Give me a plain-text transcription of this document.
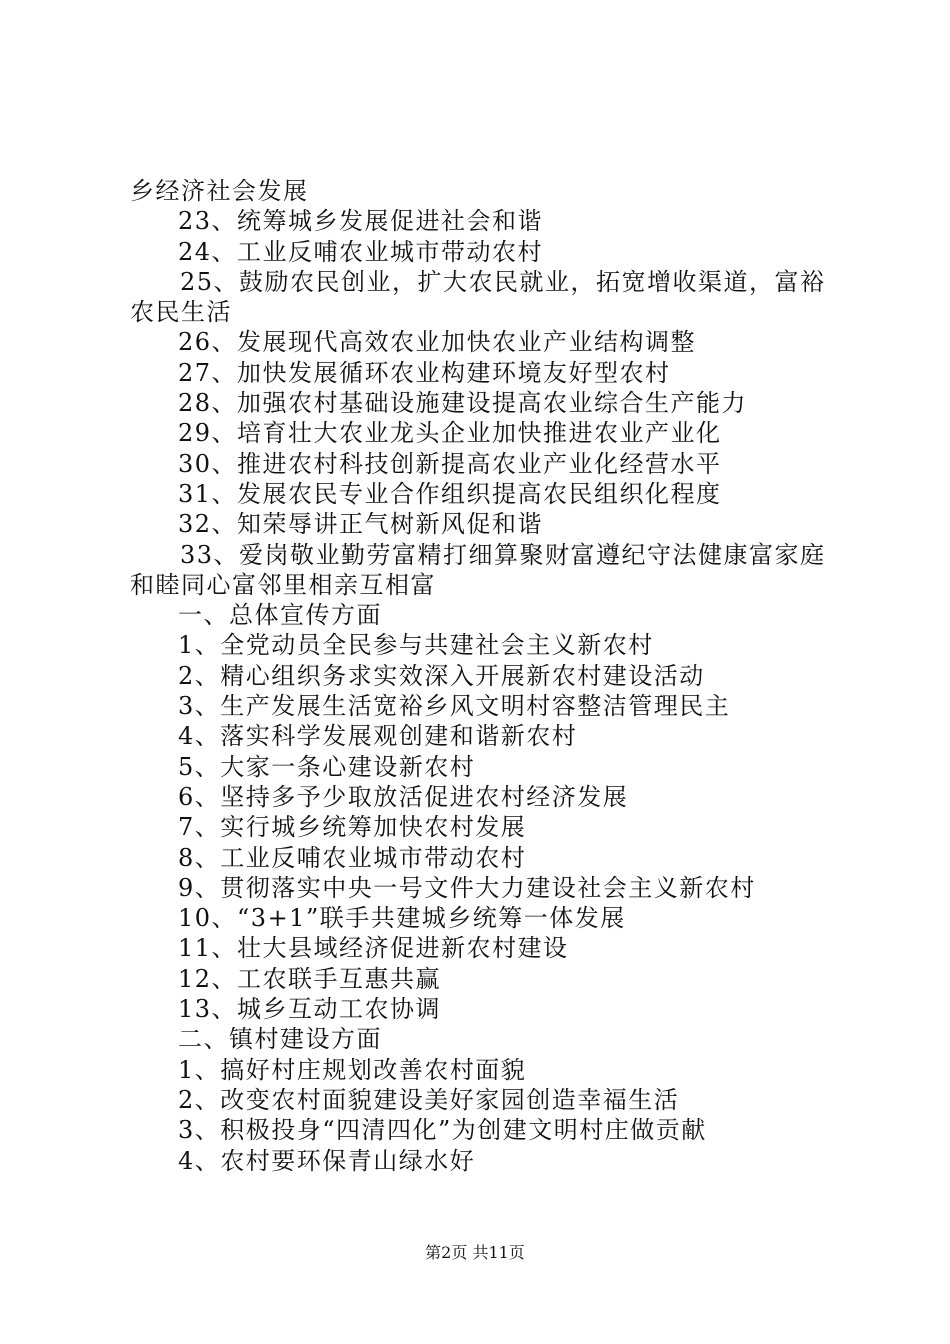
乡经济社会发展
23、统筹城乡发展促进社会和谐
24、工业反哺农业城市带动农村
25、鼓励农民创业，扩大农民就业，拓宽增收渠道，富裕
农民生活
26、发展现代高效农业加快农业产业结构调整
27、加快发展循环农业构建环境友好型农村
28、加强农村基础设施建设提高农业综合生产能力
29、培育壮大农业龙头企业加快推进农业产业化
30、推进农村科技创新提高农业产业化经营水平
31、发展农民专业合作组织提高农民组织化程度
32、知荣辱讲正气树新风促和谐
33、爱岗敬业勤劳富精打细算聚财富遵纪守法健康富家庭
和睦同心富邻里相亲互相富
一、总体宣传方面
1、全党动员全民参与共建社会主义新农村
2、精心组织务求实效深入开展新农村建设活动
3、生产发展生活宽裕乡风文明村容整洁管理民主
4、落实科学发展观创建和谐新农村
5、大家一条心建设新农村
6、坚持多予少取放活促进农村经济发展
7、实行城乡统筹加快农村发展
8、工业反哺农业城市带动农村
9、贯彻落实中央一号文件大力建设社会主义新农村
10、“3+1”联手共建城乡统筹一体发展
11、壮大县域经济促进新农村建设
12、工农联手互惠共赢
13、城乡互动工农协调
二、镇村建设方面
1、搞好村庄规划改善农村面貌
2、改变农村面貌建设美好家园创造幸福生活
3、积极投身“四清四化”为创建文明村庄做贡献
4、农村要环保青山绿水好
第2页 共11页
